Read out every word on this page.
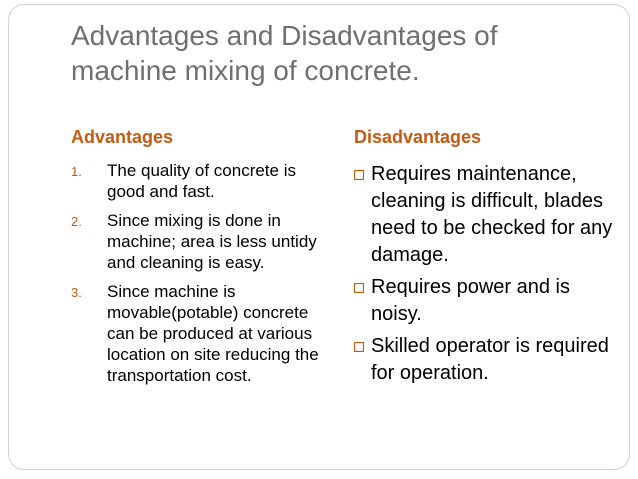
Advantages and Disadvantages of
machine mixing of concrete.
Advantages	Disadvantages
1. The quality of concrete is good and fast.
2. Since mixing is done in machine; area is less untidy and cleaning is easy.
3. Since machine is movable(potable) concrete can be produced at various location on site reducing the transportation cost.
Requires maintenance, cleaning is difficult, blades need to be checked for any damage.
Requires power and is noisy.
Skilled operator is required for operation.
